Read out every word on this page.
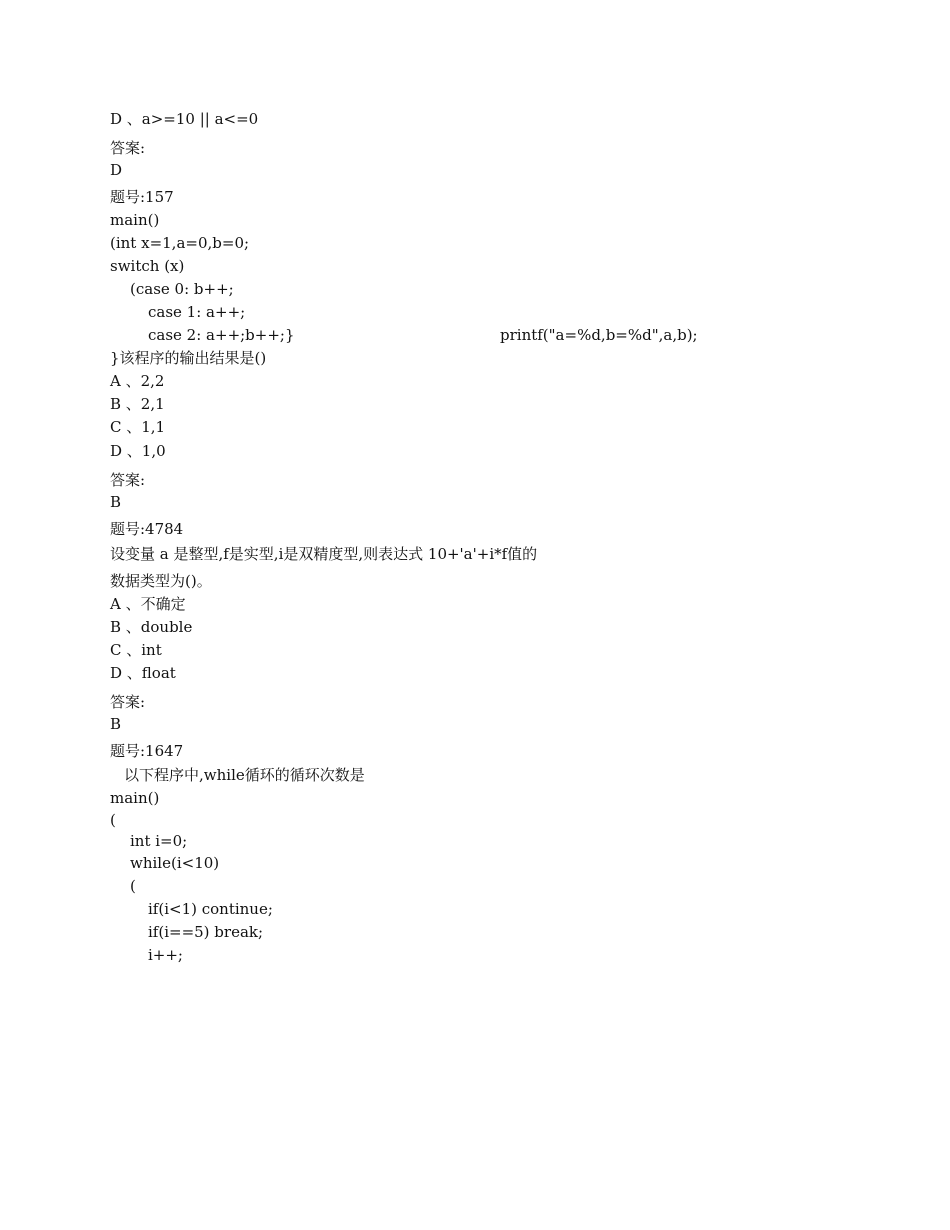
D 、a>=10 || a<=0
答案:
D
题号:157
main()
(int x=1,a=0,b=0;
switch (x)
(case 0: b++;
case 1: a++;
case 2: a++;b++;}	printf("a=%d,b=%d",a,b);
}该程序的输出结果是()
A 、2,2
B 、2,1
C 、1,1
D 、1,0
答案:
B
题号:4784
设变量 a 是整型,f是实型,i是双精度型,则表达式 10+'a'+i*f值的
数据类型为()。
A 、不确定
B 、double
C 、int
D 、float
答案:
B
题号:1647
以下程序中,while循环的循环次数是
main()
(
int i=0;
while(i<10)
(
if(i<1) continue;
if(i==5) break;
i++;
